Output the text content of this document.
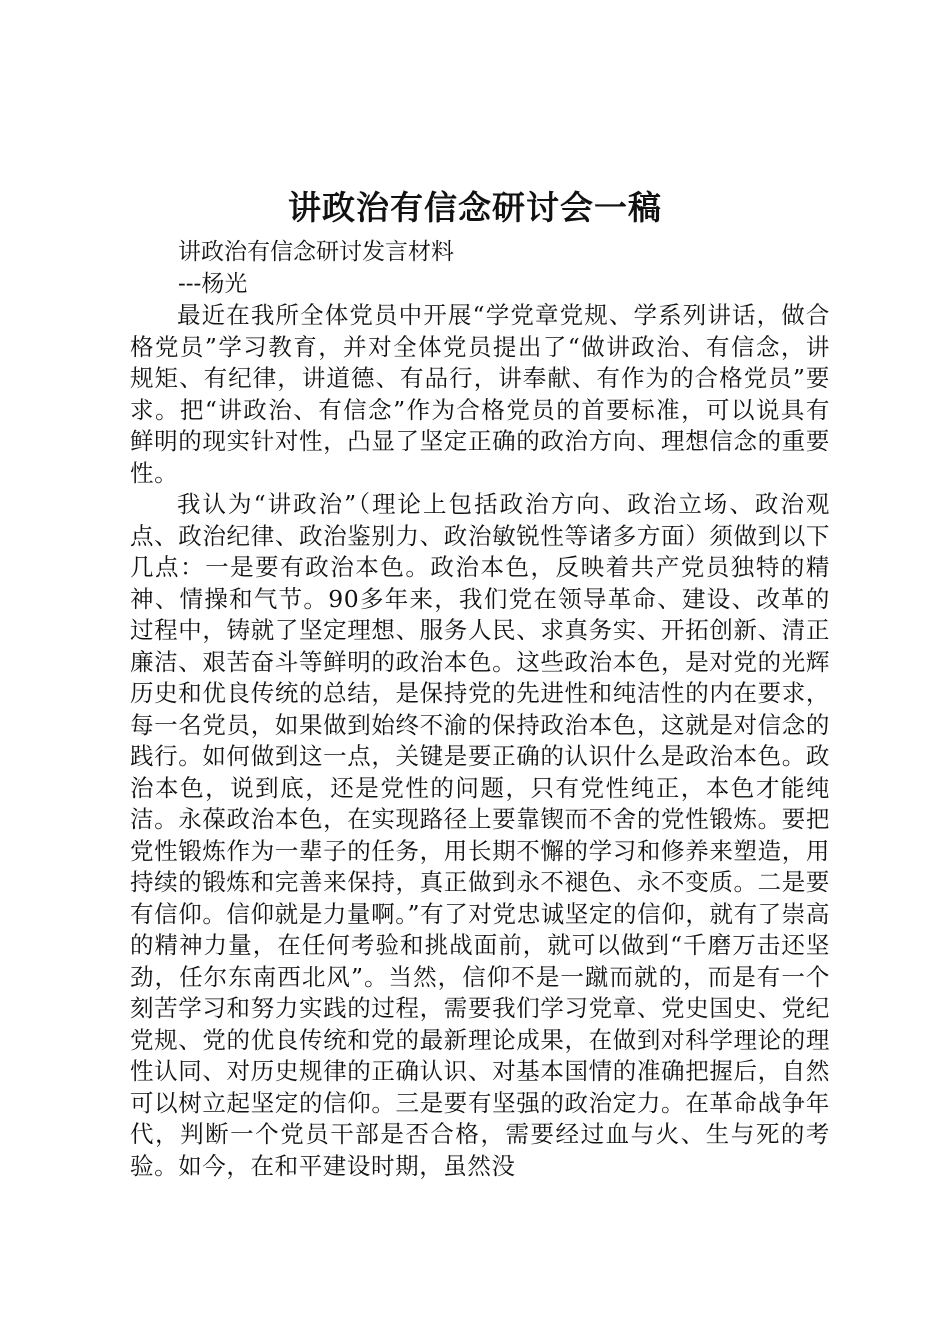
讲政治有信念研讨会一稿
讲政治有信念研讨发言材料
---杨光

最近在我所全体党员中开展“学党章党规、学系列讲话，做合格党员”学习教育，并对全体党员提出了“做讲政治、有信念，讲规矩、有纪律，讲道德、有品行，讲奉献、有作为的合格党员”要求。把“讲政治、有信念”作为合格党员的首要标准，可以说具有鲜明的现实针对性，凸显了坚定正确的政治方向、理想信念的重要性。

我认为“讲政治”（理论上包括政治方向、政治立场、政治观点、政治纪律、政治鉴别力、政治敏锐性等诸多方面）须做到以下几点：一是要有政治本色。政治本色，反映着共产党员独特的精神、情操和气节。90多年来，我们党在领导革命、建设、改革的过程中，铸就了坚定理想、服务人民、求真务实、开拓创新、清正廉洁、艰苦奋斗等鲜明的政治本色。这些政治本色，是对党的光辉历史和优良传统的总结，是保持党的先进性和纯洁性的内在要求，每一名党员，如果做到始终不渝的保持政治本色，这就是对信念的践行。如何做到这一点，关键是要正确的认识什么是政治本色。政治本色，说到底，还是党性的问题，只有党性纯正，本色才能纯洁。永葆政治本色，在实现路径上要靠锲而不舍的党性锻炼。要把党性锻炼作为一辈子的任务，用长期不懈的学习和修养来塑造，用持续的锻炼和完善来保持，真正做到永不褪色、永不变质。二是要有信仰。信仰就是力量啊。”有了对党忠诚坚定的信仰，就有了崇高的精神力量，在任何考验和挑战面前，就可以做到“千磨万击还坚劲，任尔东南西北风”。当然，信仰不是一蹴而就的，而是有一个刻苦学习和努力实践的过程，需要我们学习党章、党史国史、党纪党规、党的优良传统和党的最新理论成果，在做到对科学理论的理性认同、对历史规律的正确认识、对基本国情的准确把握后，自然可以树立起坚定的信仰。三是要有坚强的政治定力。在革命战争年代，判断一个党员干部是否合格，需要经过血与火、生与死的考验。如今，在和平建设时期，虽然没
